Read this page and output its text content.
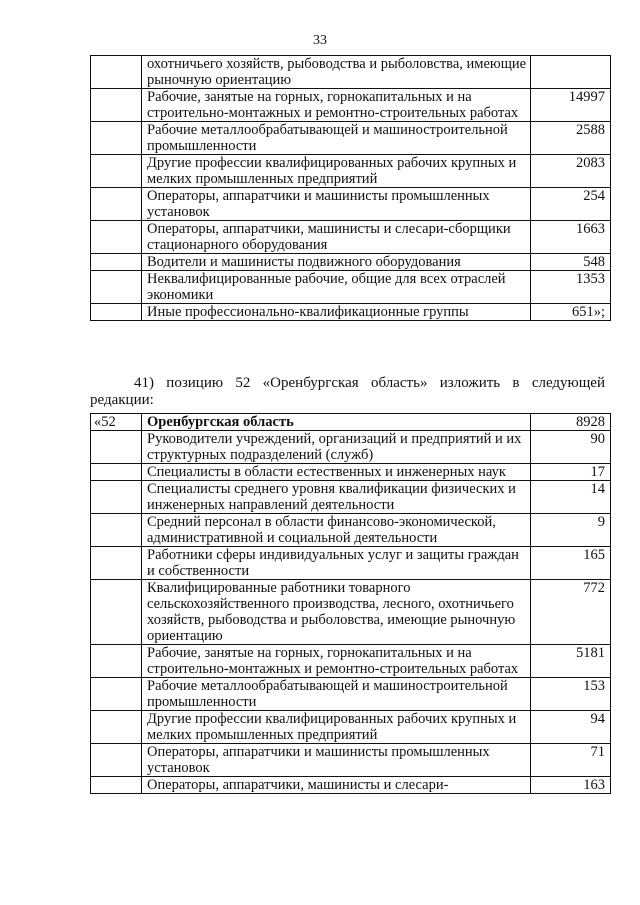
33
	охотничьего хозяйств, рыбоводства и рыболовства, имеющие рыночную ориентацию	
	Рабочие, занятые на горных, горнокапитальных и на строительно-монтажных и ремонтно-строительных работах	14997
	Рабочие металлообрабатывающей и машиностроительной промышленности	2588
	Другие профессии квалифицированных рабочих крупных и мелких промышленных предприятий	2083
	Операторы, аппаратчики и машинисты промышленных установок	254
	Операторы, аппаратчики, машинисты и слесари-сборщики стационарного оборудования	1663
	Водители и машинисты подвижного оборудования	548
	Неквалифицированные рабочие, общие для всех отраслей экономики	1353
	Иные профессионально-квалификационные группы	651»;
41) позицию 52 «Оренбургская область» изложить в следующей редакции:
«52	Оренбургская область	8928
	Руководители учреждений, организаций и предприятий и их структурных подразделений (служб)	90
	Специалисты в области естественных и инженерных наук	17
	Специалисты среднего уровня квалификации физических и инженерных направлений деятельности	14
	Средний персонал в области финансово-экономической, административной и социальной деятельности	9
	Работники сферы индивидуальных услуг и защиты граждан и собственности	165
	Квалифицированные работники товарного сельскохозяйственного производства, лесного, охотничьего хозяйств, рыбоводства и рыболовства, имеющие рыночную ориентацию	772
	Рабочие, занятые на горных, горнокапитальных и на строительно-монтажных и ремонтно-строительных работах	5181
	Рабочие металлообрабатывающей и машиностроительной промышленности	153
	Другие профессии квалифицированных рабочих крупных и мелких промышленных предприятий	94
	Операторы, аппаратчики и машинисты промышленных установок	71
	Операторы, аппаратчики, машинисты и слесари-	163
